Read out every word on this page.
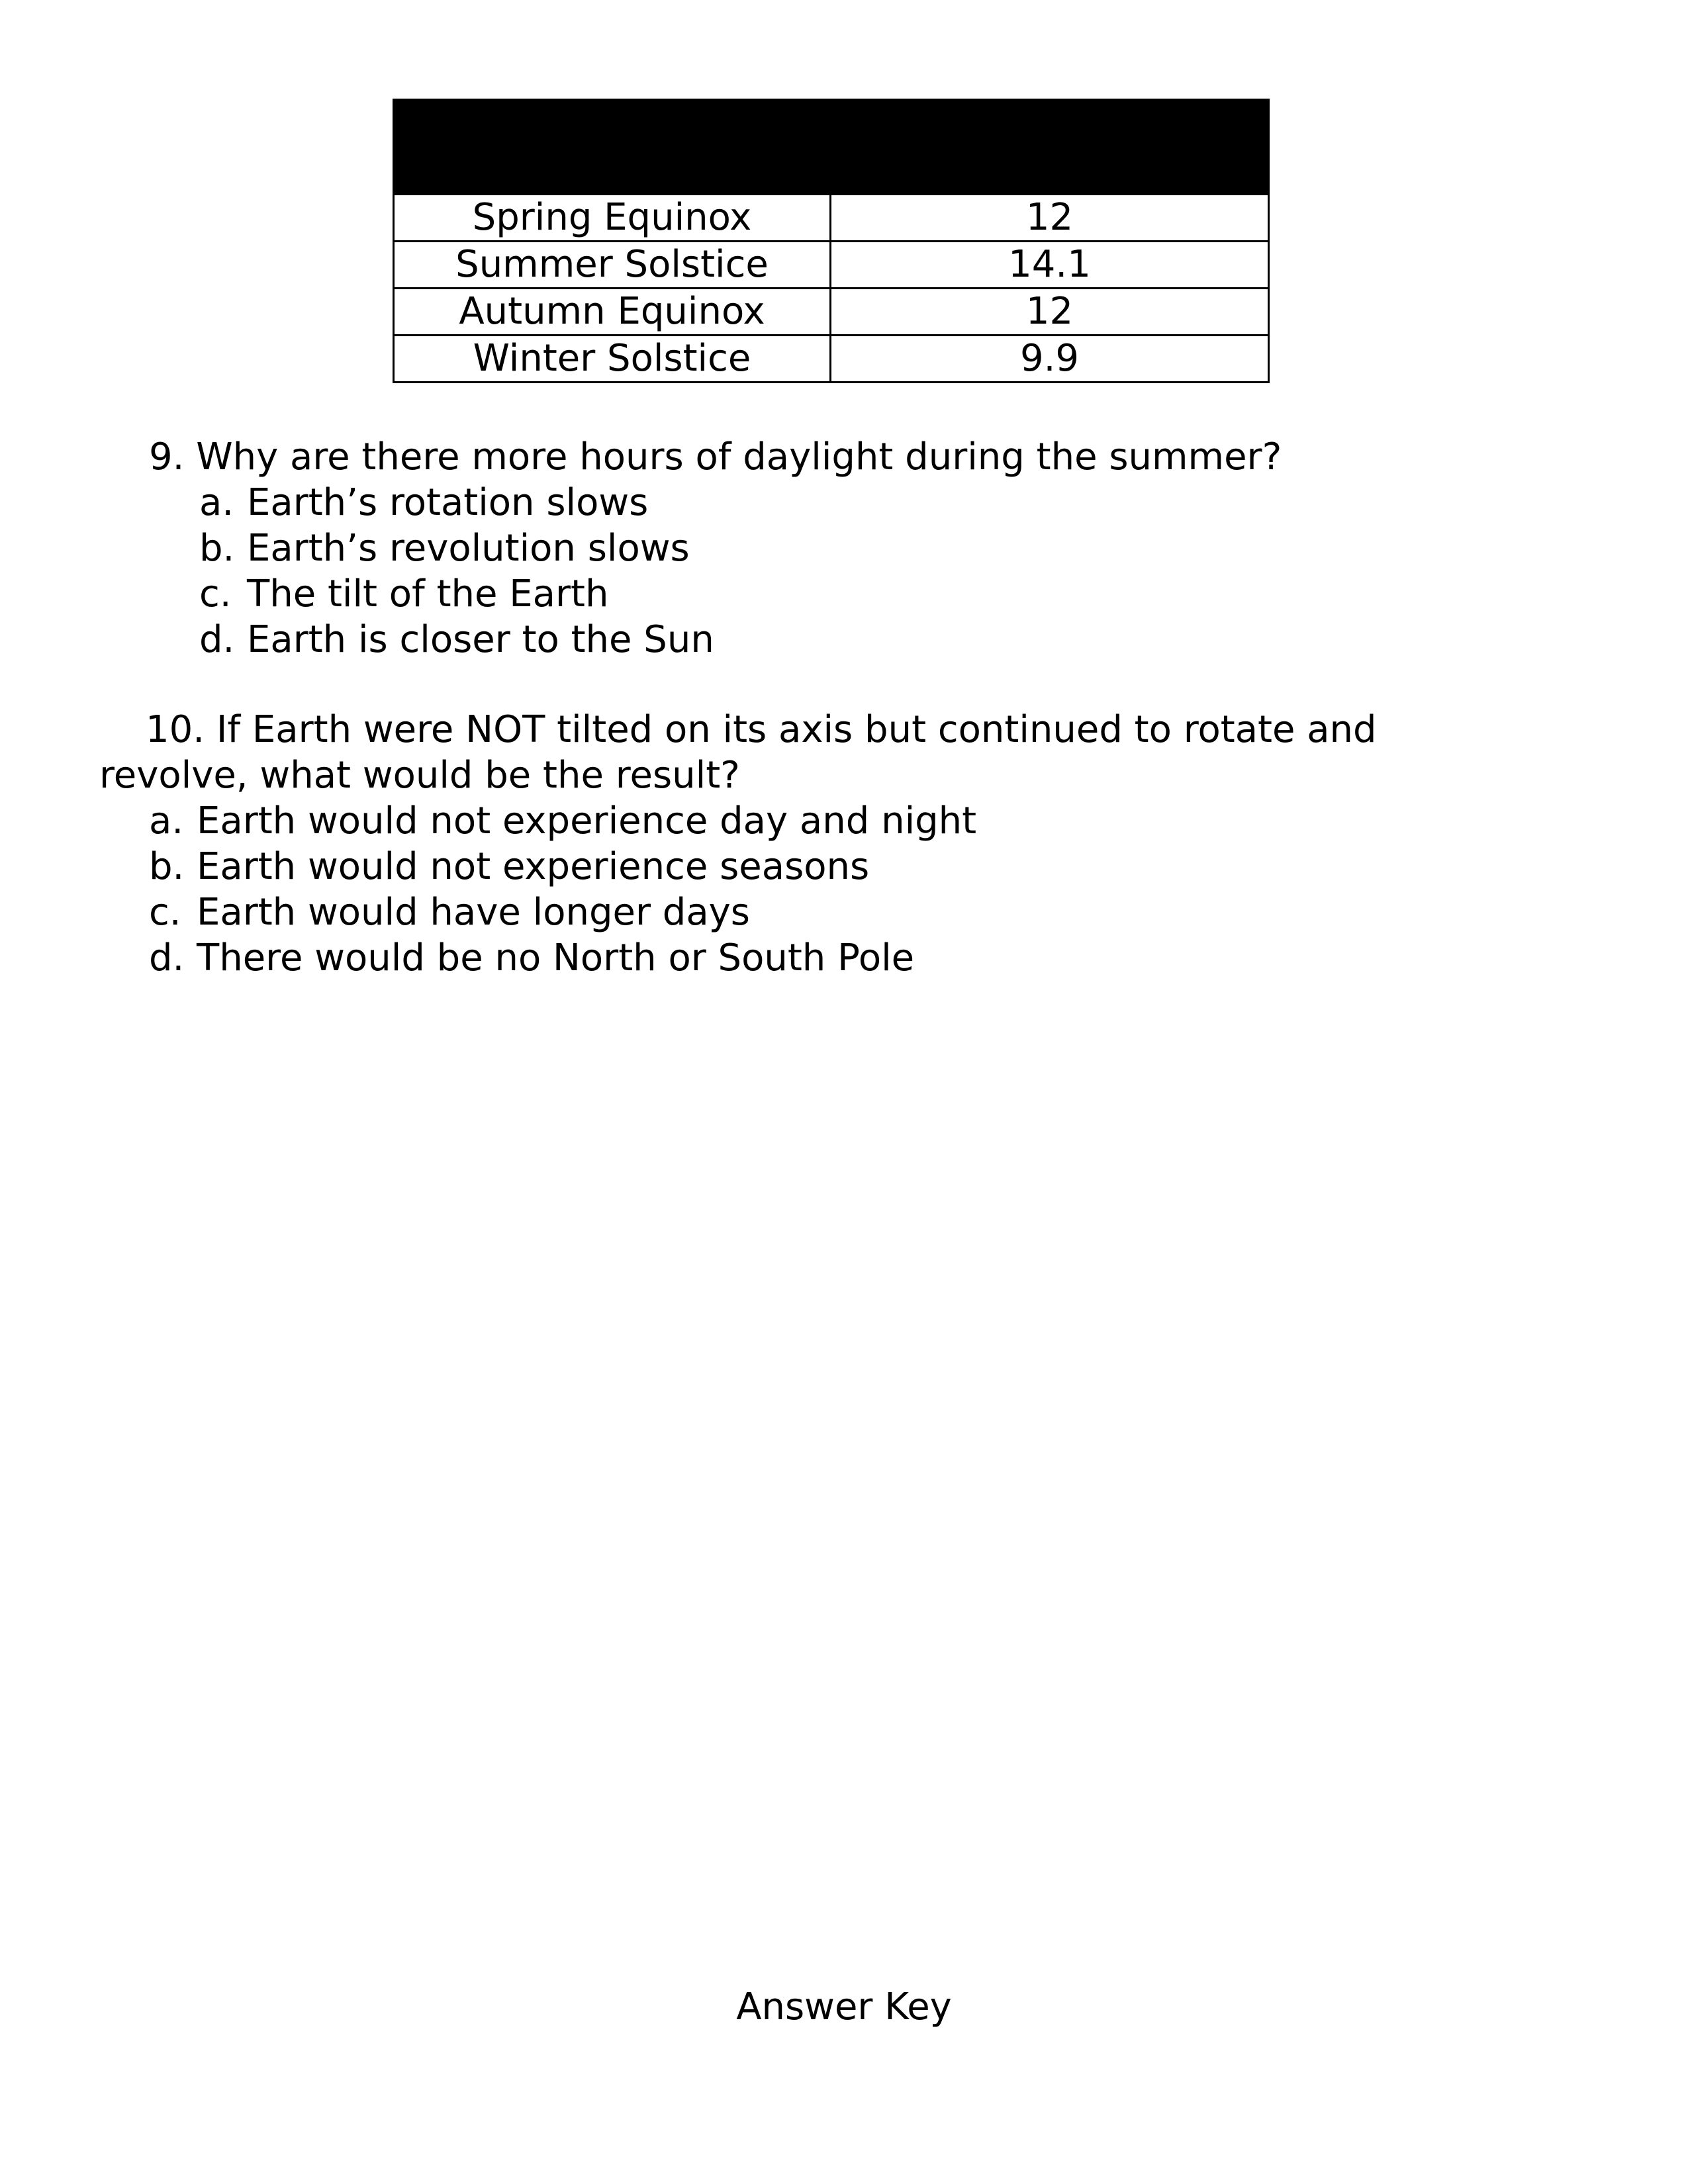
Spring Equinox	12
Summer Solstice	14.1
Autumn Equinox	12
Winter Solstice	9.9
9. Why are there more hours of daylight during the summer?
a. Earth’s rotation slows
b. Earth’s revolution slows
c. The tilt of the Earth
d. Earth is closer to the Sun
10. If Earth were NOT tilted on its axis but continued to rotate and revolve, what would be the result?
a. Earth would not experience day and night
b. Earth would not experience seasons
c. Earth would have longer days
d. There would be no North or South Pole
Answer Key
